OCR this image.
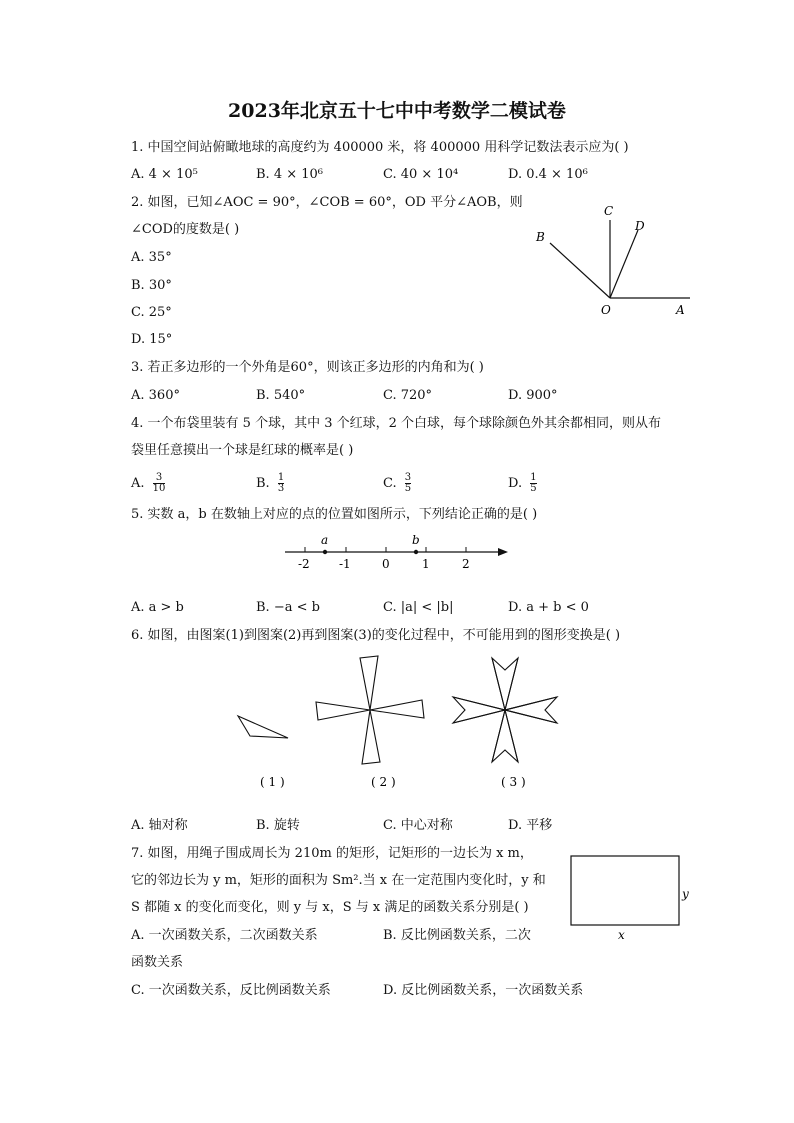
2023年北京五十七中中考数学二模试卷
1. 中国空间站俯瞰地球的高度约为 400000 米，将 400000 用科学记数法表示应为( )
A. 4 × 10⁵	B. 4 × 10⁶	C. 40 × 10⁴	D. 0.4 × 10⁶
2. 如图，已知∠AOC = 90°，∠COB = 60°，OD 平分∠AOB，则
∠COD的度数是( )
A. 35°
B. 30°
C. 25°
D. 15°
C
D
B
O	A
3. 若正多边形的一个外角是60°，则该正多边形的内角和为( )
A. 360°	B. 540°	C. 720°	D. 900°
4. 一个布袋里装有 5 个球，其中 3 个红球，2 个白球，每个球除颜色外其余都相同，则从布
袋里任意摸出一个球是红球的概率是( )
A. $\frac{3}{10}$	B. $\frac{1}{3}$	C. $\frac{3}{5}$	D. $\frac{1}{5}$
5. 实数 a，b 在数轴上对应的点的位置如图所示，下列结论正确的是( )
a	b
-2 -1	0	1	2
A. a > b	B. −a < b	C. |a| < |b|	D. a + b < 0
6. 如图，由图案(1)到图案(2)再到图案(3)的变化过程中，不可能用到的图形变换是( )
( 1 )	( 2 )	( 3 )
A. 轴对称	B. 旋转	C. 中心对称	D. 平移
7. 如图，用绳子围成周长为 210m 的矩形，记矩形的一边长为 x m，
它的邻边长为 y m，矩形的面积为 Sm².当 x 在一定范围内变化时，y 和
S 都随 x 的变化而变化，则 y 与 x，S 与 x 满足的函数关系分别是( )
y
x
A. 一次函数关系，二次函数关系	B. 反比例函数关系，二次
函数关系
C. 一次函数关系，反比例函数关系	D. 反比例函数关系，一次函数关系
